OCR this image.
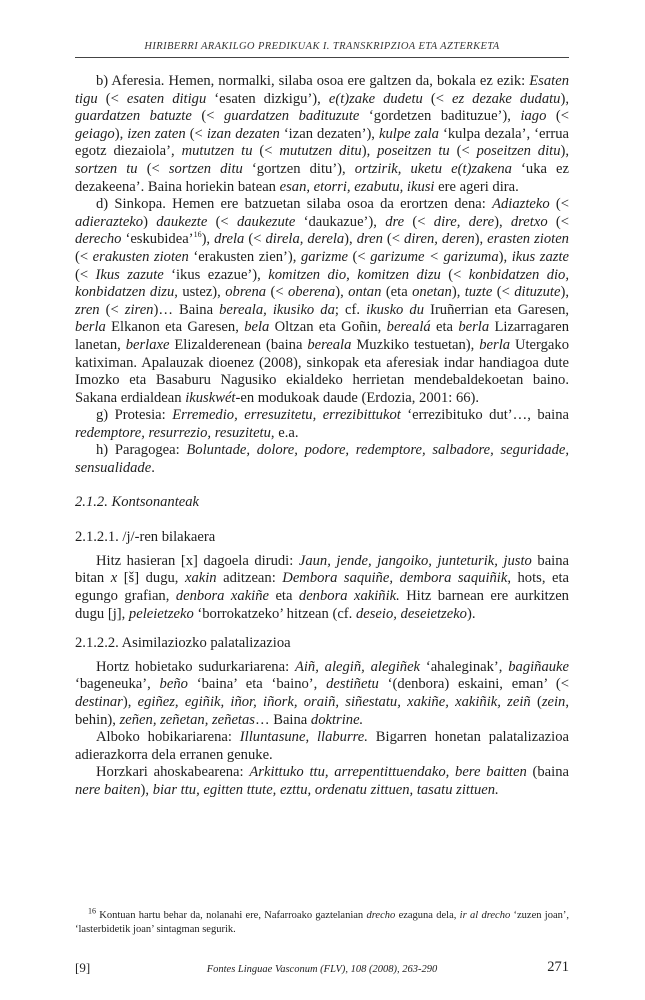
HIRIBERRI ARAKILGO PREDIKUAK I. TRANSKRIPZIOA ETA AZTERKETA

b) Aferesia. Hemen, normalki, silaba osoa ere galtzen da, bokala ez ezik: Esaten tigu (< esaten ditigu ‘esaten dizkigu’), e(t)zake dudetu (< ez dezake dudatu), guardatzen batuzte (< guardatzen badituzute ‘gordetzen badituzue’), iago (< geiago), izen zaten (< izan dezaten ‘izan dezaten’), kulpe zala ‘kulpa dezala’, ‘errua egotz diezaiola’, mututzen tu (< mututzen ditu), poseitzen tu (< poseitzen ditu), sortzen tu (< sortzen ditu ‘gortzen ditu’), ortzirik, uketu e(t)zakena ‘uka ez dezakeena’. Baina horiekin batean esan, etorri, ezabutu, ikusi ere ageri dira.

d) Sinkopa. Hemen ere batzuetan silaba osoa da erortzen dena: Adiazteko (< adierazteko) daukezte (< daukezute ‘daukazue’), dre (< dire, dere), dretxo (< derecho ‘eskubidea’$^{16}$), drela (< direla, derela), dren (< diren, deren), erasten zioten (< erakusten zioten ‘erakusten zien’), garizme (< garizume < garizuma), ikus zazte (< Ikus zazute ‘ikus ezazue’), komitzen dio, komitzen dizu (< konbidatzen dio, konbidatzen dizu, ustez), obrena (< oberena), ontan (eta onetan), tuzte (< dituzute), zren (< ziren)… Baina bereala, ikusiko da; cf. ikusko du Iruñerrian eta Garesen, berla Elkanon eta Garesen, bela Oltzan eta Goñin, berealá eta berla Lizarragaren lanetan, berlaxe Elizalderenean (baina bereala Muzkiko testuetan), berla Utergako katiximan. Apalauzak dioenez (2008), sinkopak eta aferesiak indar handiagoa dute Imozko eta Basaburu Nagusiko ekialdeko herrietan mendebaldekoetan baino. Sakana erdialdean ikuskwét-en modukoak daude (Erdozia, 2001: 66).

g) Protesia: Erremedio, erresuzitetu, errezibittukot ‘errezibituko dut’…, baina redemptore, resurrezio, resuzitetu, e.a.

h) Paragogea: Boluntade, dolore, podore, redemptore, salbadore, seguridade, sensualidade.

2.1.2. Kontsonanteak
2.1.2.1. /j/-ren bilakaera

Hitz hasieran [x] dagoela dirudi: Jaun, jende, jangoiko, junteturik, justo baina bitan x [š] dugu, xakin aditzean: Dembora saquiñe, dembora saquiñik, hots, eta egungo grafian, denbora xakiñe eta denbora xakiñik. Hitz barnean ere aurkitzen dugu [j], peleietzeko ‘borrokatzeko’ hitzean (cf. deseio, deseietzeko).

2.1.2.2. Asimilaziozko palatalizazioa

Hortz hobietako sudurkariarena: Aiñ, alegiñ, alegiñek ‘ahaleginak’, bagiñauke ‘bageneuka’, beño ‘baina’ eta ‘baino’, destiñetu ‘(denbora) eskaini, eman’ (< destinar), egiñez, egiñik, iñor, iñork, oraiñ, siñestatu, xakiñe, xakiñik, zeiñ (zein, behin), zeñen, zeñetan, zeñetas… Baina doktrine.

Alboko hobikariarena: Illuntasune, llaburre. Bigarren honetan palatalizazioa adierazkorra dela erranen genuke.

Horzkari ahoskabearena: Arkittuko ttu, arrepentittuendako, bere baitten (baina nere baiten), biar ttu, egitten ttute, ezttu, ordenatu zittuen, tasatu zittuen.

$^{16}$ Kontuan hartu behar da, nolanahi ere, Nafarroako gaztelanian drecho ezaguna dela, ir al drecho ‘zuzen joan’, ‘lasterbidetik joan’ sintagman segurik.

[9]	Fontes Linguae Vasconum (FLV), 108 (2008), 263-290	271
